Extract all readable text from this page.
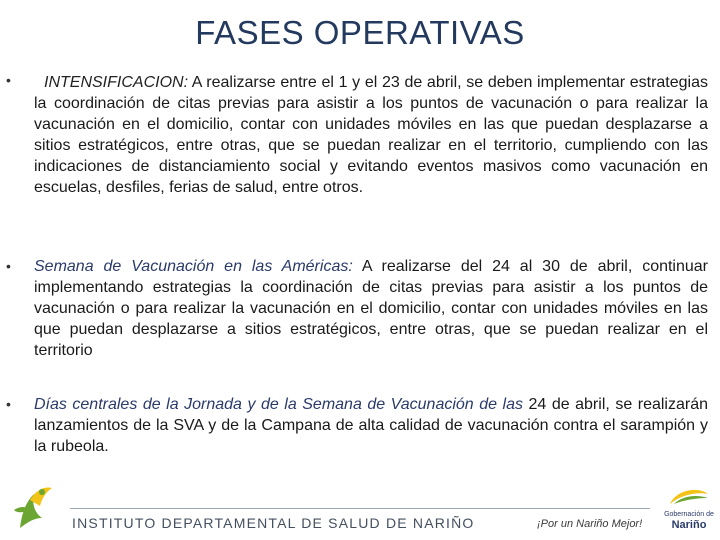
FASES OPERATIVAS
•	INTENSIFICACION: A realizarse entre el 1 y el 23 de abril, se deben implementar estrategias la coordinación de citas previas para asistir a los puntos de vacunación o para realizar la vacunación en el domicilio, contar con unidades móviles en las que puedan desplazarse a sitios estratégicos, entre otras, que se puedan realizar en el territorio, cumpliendo con las indicaciones de distanciamiento social y evitando eventos masivos como vacunación en escuelas, desfiles, ferias de salud, entre otros.
• Semana de Vacunación en las Américas: A realizarse del 24 al 30 de abril, continuar implementando estrategias la coordinación de citas previas para asistir a los puntos de vacunación o para realizar la vacunación en el domicilio, contar con unidades móviles en las que puedan desplazarse a sitios estratégicos, entre otras, que se puedan realizar en el territorio
• Días centrales de la Jornada y de la Semana de Vacunación de las 24 de abril, se realizarán lanzamientos de la SVA y de la Campana de alta calidad de vacunación contra el sarampión y la rubeola.
INSTITUTO DEPARTAMENTAL DE SALUD DE NARIÑO	¡Por un Nariño Mejor!
Gobernación de
Nariño
